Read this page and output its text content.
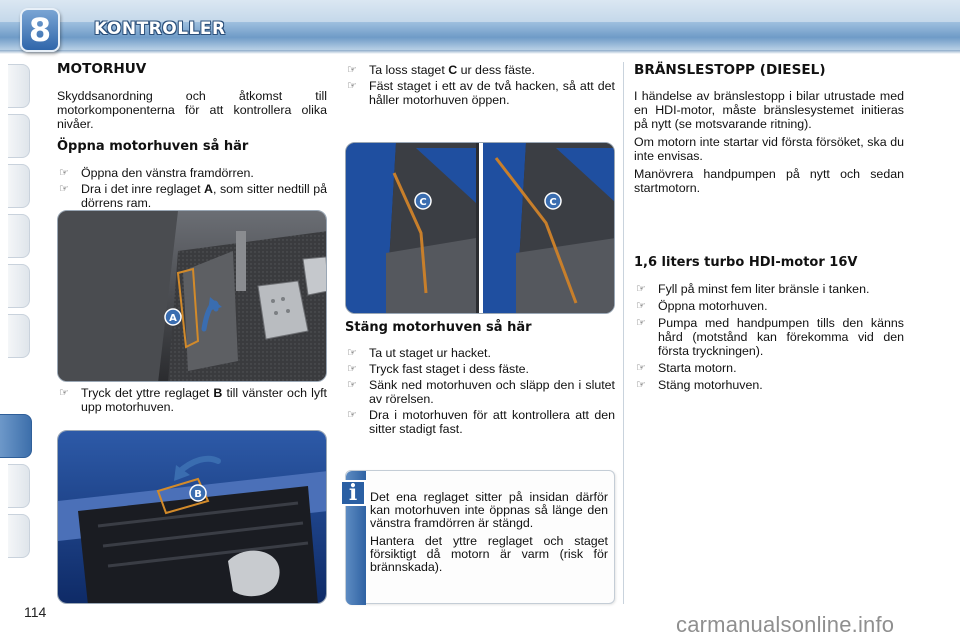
8	KONTROLLER
MOTORHUV

Skyddsanordning och åtkomst till motorkomponenterna för att kontrollera olika nivåer.

Öppna motorhuven så här
☞ Öppna den vänstra framdörren.
☞ Dra i det inre reglaget A, som sitter nedtill på dörrens ram.
A
☞ Tryck det yttre reglaget B till vänster och lyft upp motorhuven.
B
☞ Ta loss staget C ur dess fäste.
☞ Fäst staget i ett av de två hacken, så att det håller motorhuven öppen.
C	C
Stäng motorhuven så här
☞ Ta ut staget ur hacket.
☞ Tryck fast staget i dess fäste.
☞ Sänk ned motorhuven och släpp den i slutet av rörelsen.
☞ Dra i motorhuven för att kontrollera att den sitter stadigt fast.
i	Det ena reglaget sitter på insidan därför kan motorhuven inte öppnas så länge den vänstra framdörren är stängd.

Hantera det yttre reglaget och staget försiktigt då motorn är varm (risk för brännskada).

BRÄNSLESTOPP (DIESEL)

I händelse av bränslestopp i bilar utrustade med en HDI-motor, måste bränslesystemet initieras på nytt (se motsvarande ritning).

Om motorn inte startar vid första försöket, ska du inte envisas.

Manövrera handpumpen på nytt och sedan startmotorn.

1,6 liters turbo HDI-motor 16V
☞ Fyll på minst fem liter bränsle i tanken.
☞ Öppna motorhuven.
☞ Pumpa med handpumpen tills den känns hård (motstånd kan förekomma vid den första tryckningen).
☞ Starta motorn.
☞ Stäng motorhuven.
114	carmanualsonline.info
